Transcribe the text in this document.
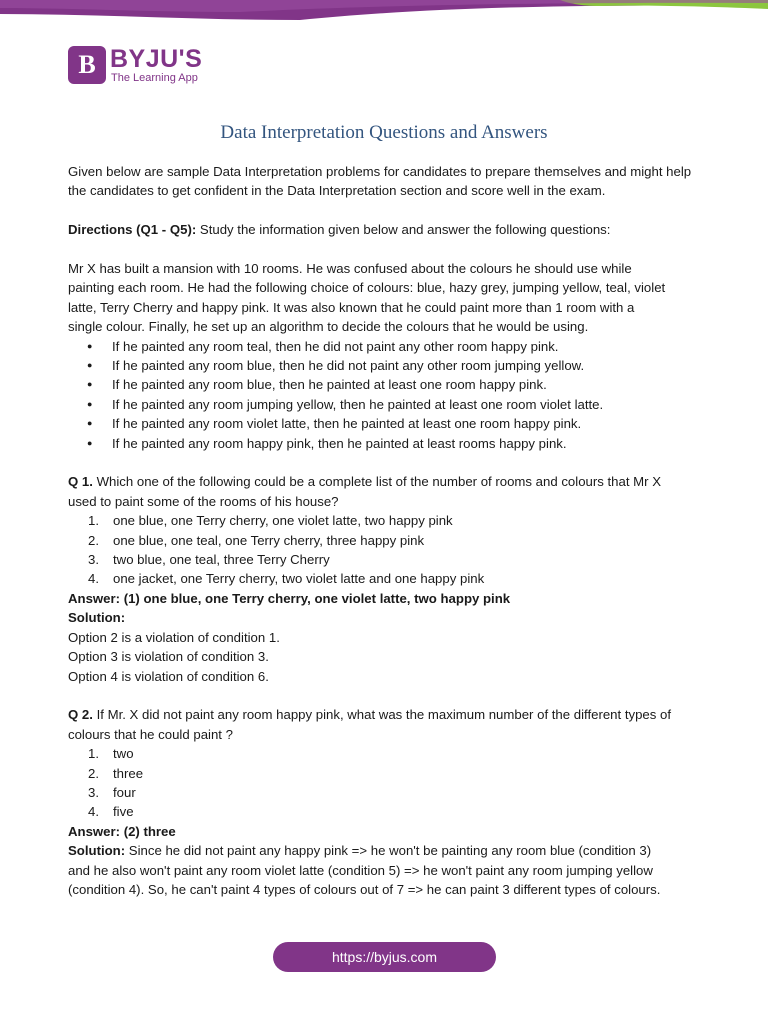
B BYJU'S
The Learning App
Data Interpretation Questions and Answers

Given below are sample Data Interpretation problems for candidates to prepare themselves and might help the candidates to get confident in the Data Interpretation section and score well in the exam.

Directions (Q1 - Q5): Study the information given below and answer the following questions:

Mr X has built a mansion with 10 rooms. He was confused about the colours he should use while

painting each room. He had the following choice of colours: blue, hazy grey, jumping yellow, teal, violet

latte, Terry Cherry and happy pink. It was also known that he could paint more than 1 room with a

single colour. Finally, he set up an algorithm to decide the colours that he would be using.

● If he painted any room teal, then he did not paint any other room happy pink.
● If he painted any room blue, then he did not paint any other room jumping yellow.
● If he painted any room blue, then he painted at least one room happy pink.
● If he painted any room jumping yellow, then he painted at least one room violet latte.
● If he painted any room violet latte, then he painted at least one room happy pink.
● If he painted any room happy pink, then he painted at least rooms happy pink.

Q 1. Which one of the following could be a complete list of the number of rooms and colours that Mr X

used to paint some of the rooms of his house?

1. one blue, one Terry cherry, one violet latte, two happy pink
2. one blue, one teal, one Terry cherry, three happy pink
3. two blue, one teal, three Terry Cherry
4. one jacket, one Terry cherry, two violet latte and one happy pink

Answer: (1) one blue, one Terry cherry, one violet latte, two happy pink

Solution:

Option 2 is a violation of condition 1.

Option 3 is violation of condition 3.

Option 4 is violation of condition 6.

Q 2. If Mr. X did not paint any room happy pink, what was the maximum number of the different types of

colours that he could paint ?

1. two
2. three
3. four
4. five

Answer: (2) three

Solution: Since he did not paint any happy pink => he won't be painting any room blue (condition 3)

and he also won't paint any room violet latte (condition 5) => he won't paint any room jumping yellow

(condition 4). So, he can't paint 4 types of colours out of 7 => he can paint 3 different types of colours.

https://byjus.com
